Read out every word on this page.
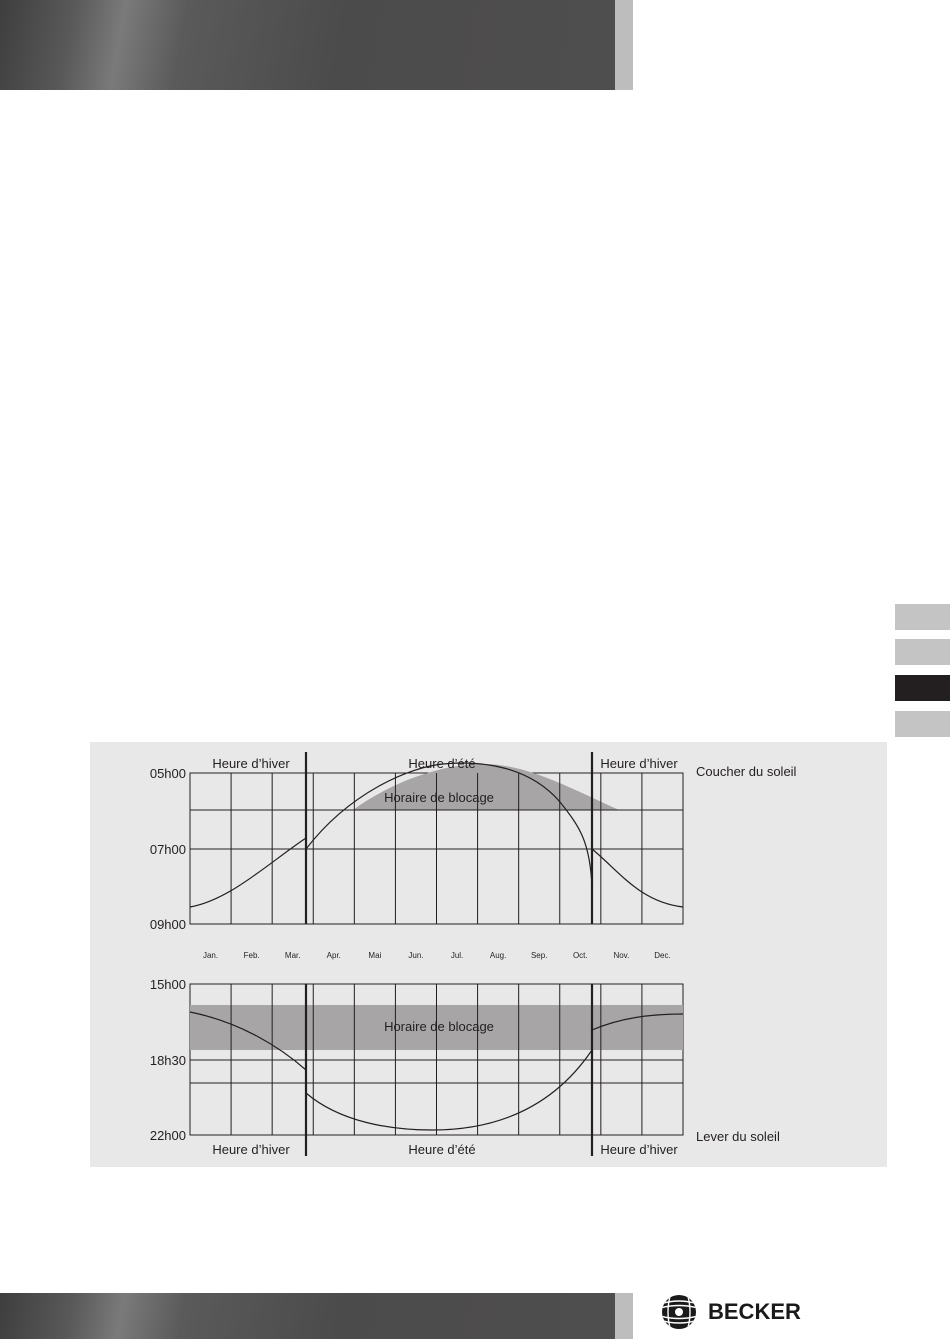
Heure d’hiver	Heure d’été	Heure d’hiver
Horaire de blocage
05h00
07h00
09h00
Coucher du soleil
Jan.	Feb.	Mar.	Apr.	Mai	Jun.	Jul.	Aug.	Sep.	Oct.	Nov.	Dec.
Horaire de blocage
15h00
18h30
22h00
Heure d’hiver	Heure d’été	Heure d’hiver
Lever du soleil
BECKER
